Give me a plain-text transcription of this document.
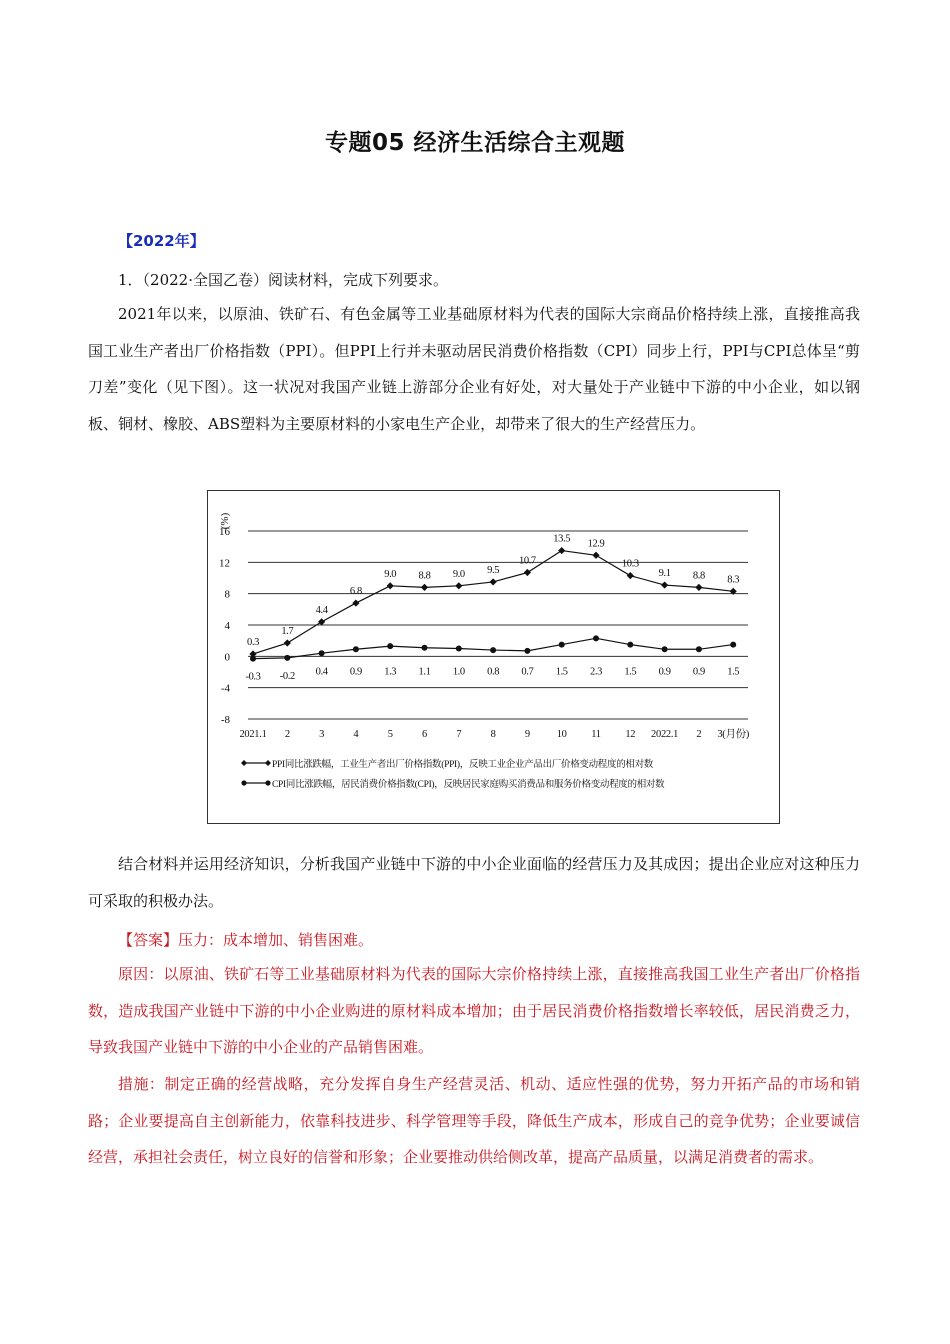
专题05 经济生活综合主观题
【2022年】
1．（2022·全国乙卷）阅读材料，完成下列要求。
2021年以来，以原油、铁矿石、有色金属等工业基础原材料为代表的国际大宗商品价格持续上涨，直接推高我国工业生产者出厂价格指数（PPI）。但PPI上行并未驱动居民消费价格指数（CPI）同步上行，PPI与CPI总体呈“剪刀差”变化（见下图）。这一状况对我国产业链上游部分企业有好处，对大量处于产业链中下游的中小企业，如以钢板、铜材、橡胶、ABS塑料为主要原材料的小家电生产企业，却带来了很大的生产经营压力。
16
12
8
4
0
-4
-8
(%)
2021.1 2	3	4	5	6	7	8	9	10 11 12 2022.1 2 3(月份)
0.3
1.7
4.4
6.8
9.0 8.8 9.0 9.5
10.7
13.5 12.9
10.3
9.1 8.8 8.3
-0.3 -0.2 0.4 0.9 1.3 1.1 1.0 0.8 0.7 1.5 2.3 1.5 0.9 0.9 1.5
PPI同比涨跌幅，工业生产者出厂价格指数(PPI)，反映工业企业产品出厂价格变动程度的相对数
CPI同比涨跌幅，居民消费价格指数(CPI)，反映居民家庭购买消费品和服务价格变动程度的相对数
结合材料并运用经济知识，分析我国产业链中下游的中小企业面临的经营压力及其成因；提出企业应对这种压力可采取的积极办法。
【答案】压力：成本增加、销售困难。
原因：以原油、铁矿石等工业基础原材料为代表的国际大宗价格持续上涨，直接推高我国工业生产者出厂价格指数，造成我国产业链中下游的中小企业购进的原材料成本增加；由于居民消费价格指数增长率较低，居民消费乏力，导致我国产业链中下游的中小企业的产品销售困难。
措施：制定正确的经营战略，充分发挥自身生产经营灵活、机动、适应性强的优势，努力开拓产品的市场和销路；企业要提高自主创新能力，依靠科技进步、科学管理等手段，降低生产成本，形成自己的竞争优势；企业要诚信经营，承担社会责任，树立良好的信誉和形象；企业要推动供给侧改革，提高产品质量，以满足消费者的需求。
